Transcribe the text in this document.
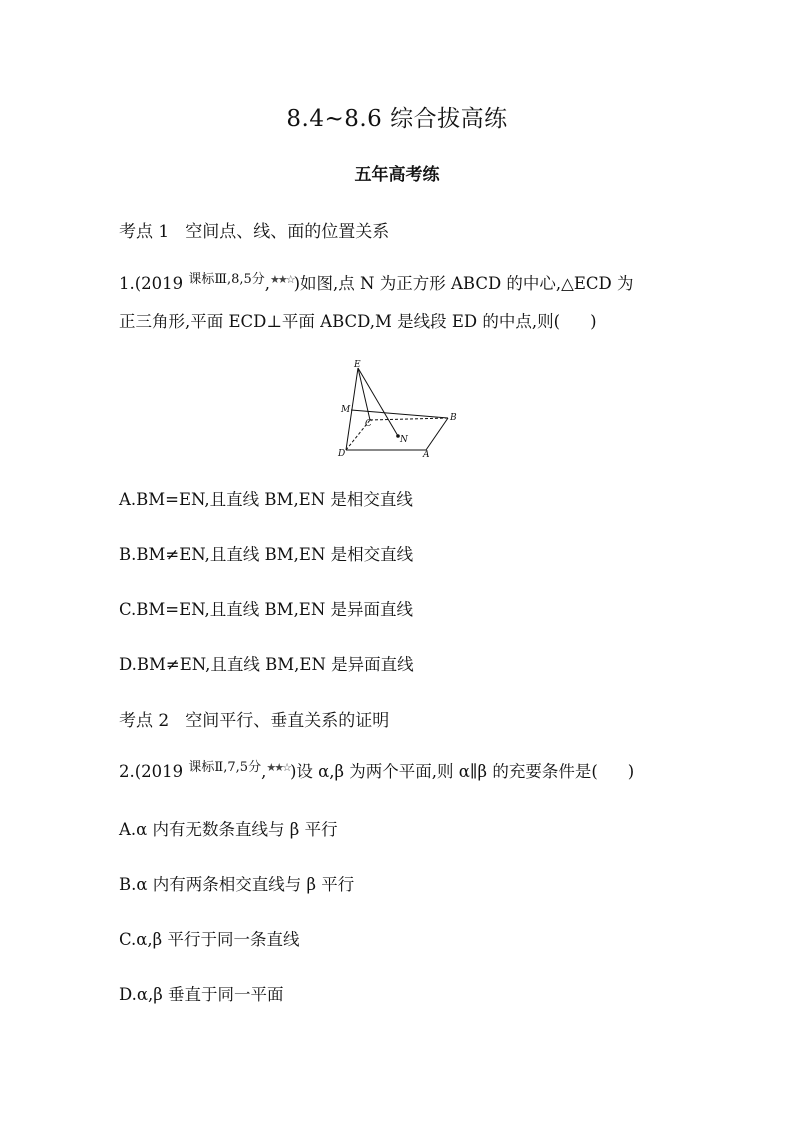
8.4~8.6 综合拔高练
五年高考练
考点 1 空间点、线、面的位置关系
1.(2019 $^{课标Ⅲ,8,5分}$,★★☆)如图,点 N 为正方形 ABCD 的中心,△ECD 为
正三角形,平面 ECD⊥平面 ABCD,M 是线段 ED 的中点,则( )
E
M
C
B
N
D	A
A.BM=EN,且直线 BM,EN 是相交直线
B.BM≠EN,且直线 BM,EN 是相交直线
C.BM=EN,且直线 BM,EN 是异面直线
D.BM≠EN,且直线 BM,EN 是异面直线
考点 2 空间平行、垂直关系的证明
2.(2019 $^{课标Ⅱ,7,5分}$,★★☆)设 α,β 为两个平面,则 α∥β 的充要条件是( )
A.α 内有无数条直线与 β 平行
B.α 内有两条相交直线与 β 平行
C.α,β 平行于同一条直线
D.α,β 垂直于同一平面
